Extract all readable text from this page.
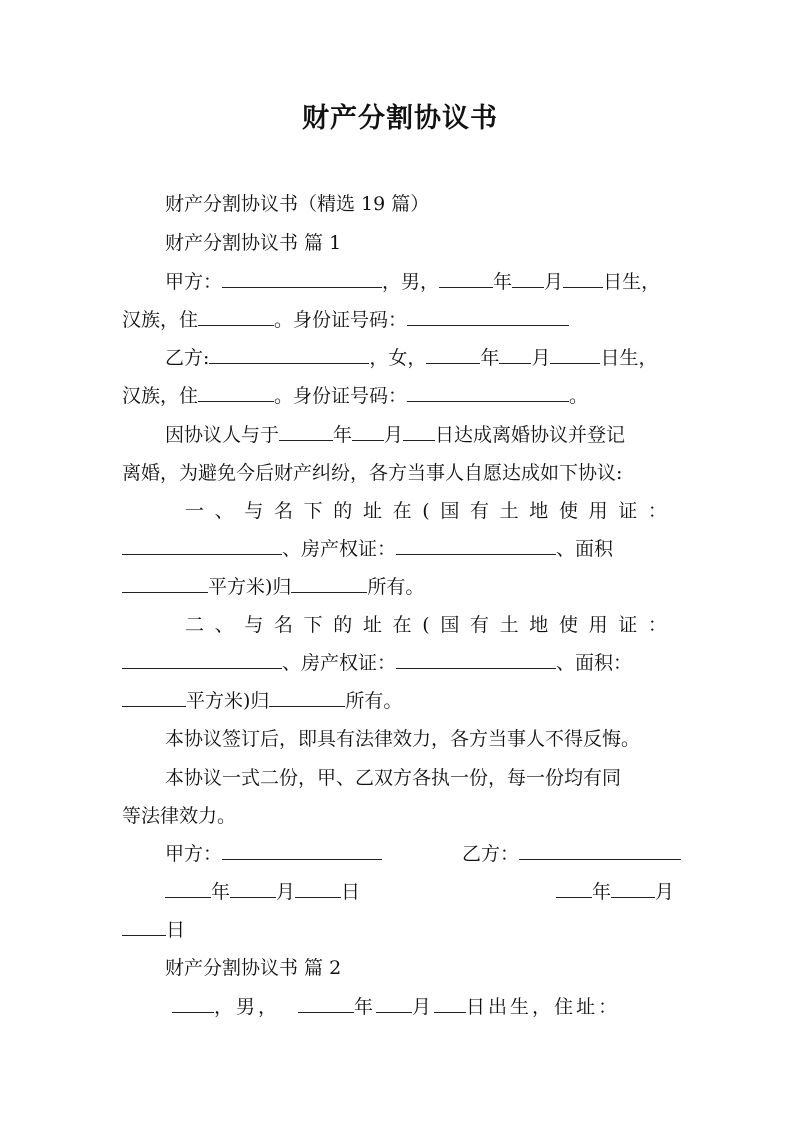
财产分割协议书
财产分割协议书（精选 19 篇）
财产分割协议书 篇 1
甲方：	，男，	年 月 日生，
汉族，住	。身份证号码：
乙方:	，女，	年 月	日生，
汉族，住	。身份证号码：	。
因协议人与于	年 月 日达成离婚协议并登记
离婚，为避免今后财产纠纷，各方当事人自愿达成如下协议:
一 、 与 名 下 的 址 在 ( 国 有 土 地 使 用 证 ：
、房产权证：	、面积
平方米)归	所有。
二 、 与 名 下 的 址 在 ( 国 有 土 地 使 用 证 ：
、房产权证：	、面积：
平方米)归	所有。
本协议签订后，即具有法律效力，各方当事人不得反悔。
本协议一式二份，甲、乙双方各执一份，每一份均有同
等法律效力。
甲方：	乙方：
年 月 日	年 月
日
财产分割协议书 篇 2
，男，	年 月 日出生，住址：
